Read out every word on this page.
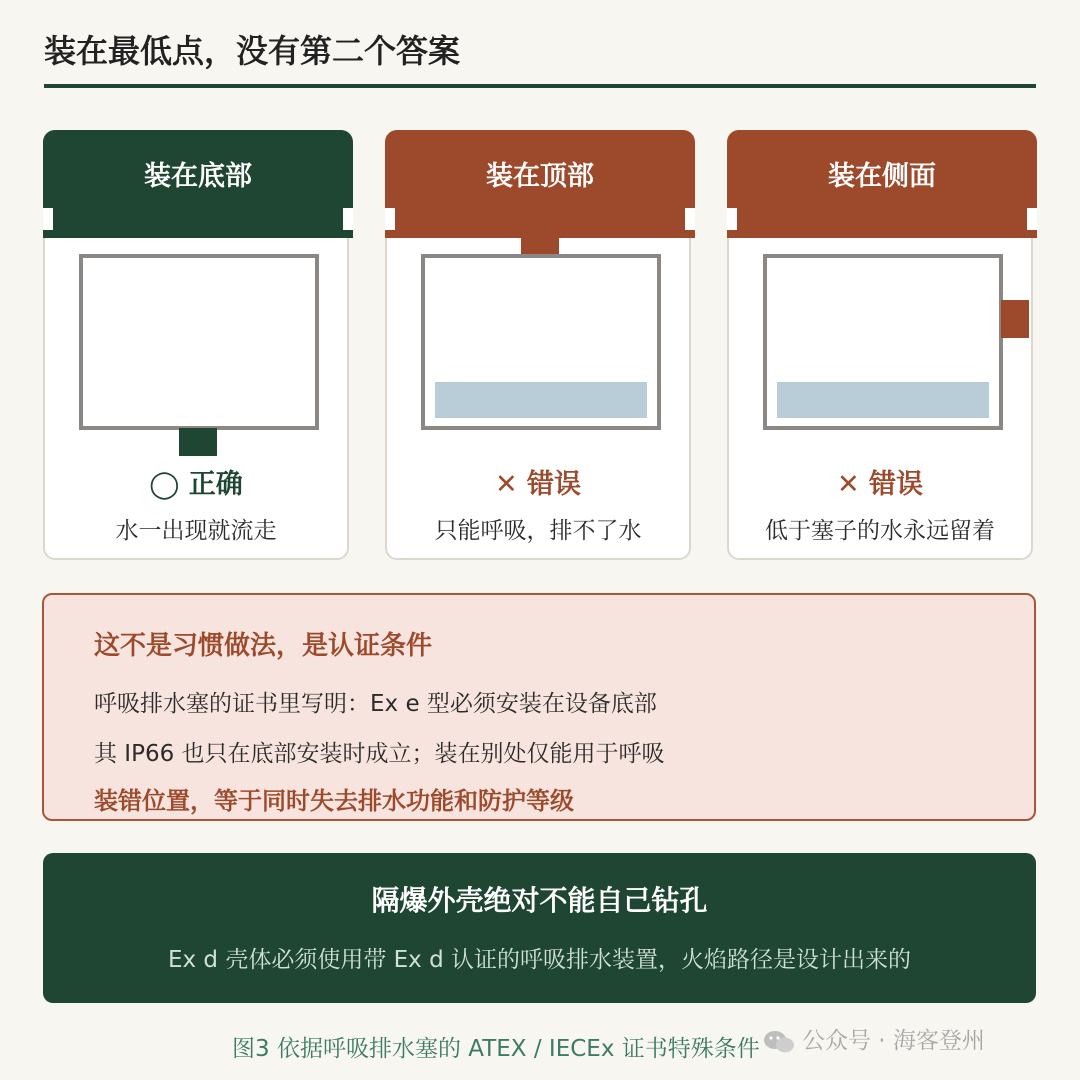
装在最低点，没有第二个答案
装在底部
◯ 正确
水一出现就流走
装在顶部
✕ 错误
只能呼吸，排不了水
装在侧面
✕ 错误
低于塞子的水永远留着
这不是习惯做法，是认证条件
呼吸排水塞的证书里写明：Ex e 型必须安装在设备底部
其 IP66 也只在底部安装时成立；装在别处仅能用于呼吸
装错位置，等于同时失去排水功能和防护等级
隔爆外壳绝对不能自己钻孔
Ex d 壳体必须使用带 Ex d 认证的呼吸排水装置，火焰路径是设计出来的
图3 依据呼吸排水塞的 ATEX / IECEx 证书特殊条件	公众号 · 海客登州
